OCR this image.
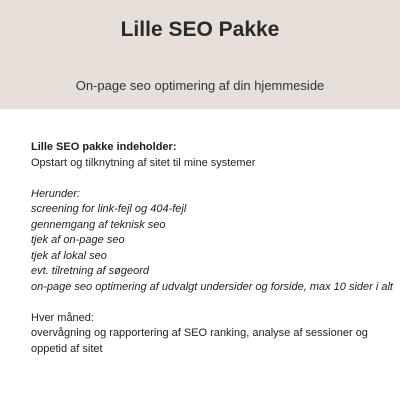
Lille SEO Pakke
On-page seo optimering af din hjemmeside
Lille SEO pakke indeholder:
Opstart og tilknytning af sitet til mine systemer
Herunder:
screening for link-fejl og 404-fejl
gennemgang af teknisk seo
tjek af on-page seo
tjek af lokal seo
evt. tilretning af søgeord
on-page seo optimering af udvalgt undersider og forside, max 10 sider i alt
Hver måned:
overvågning og rapportering af SEO ranking, analyse af sessioner og
oppetid af sitet
